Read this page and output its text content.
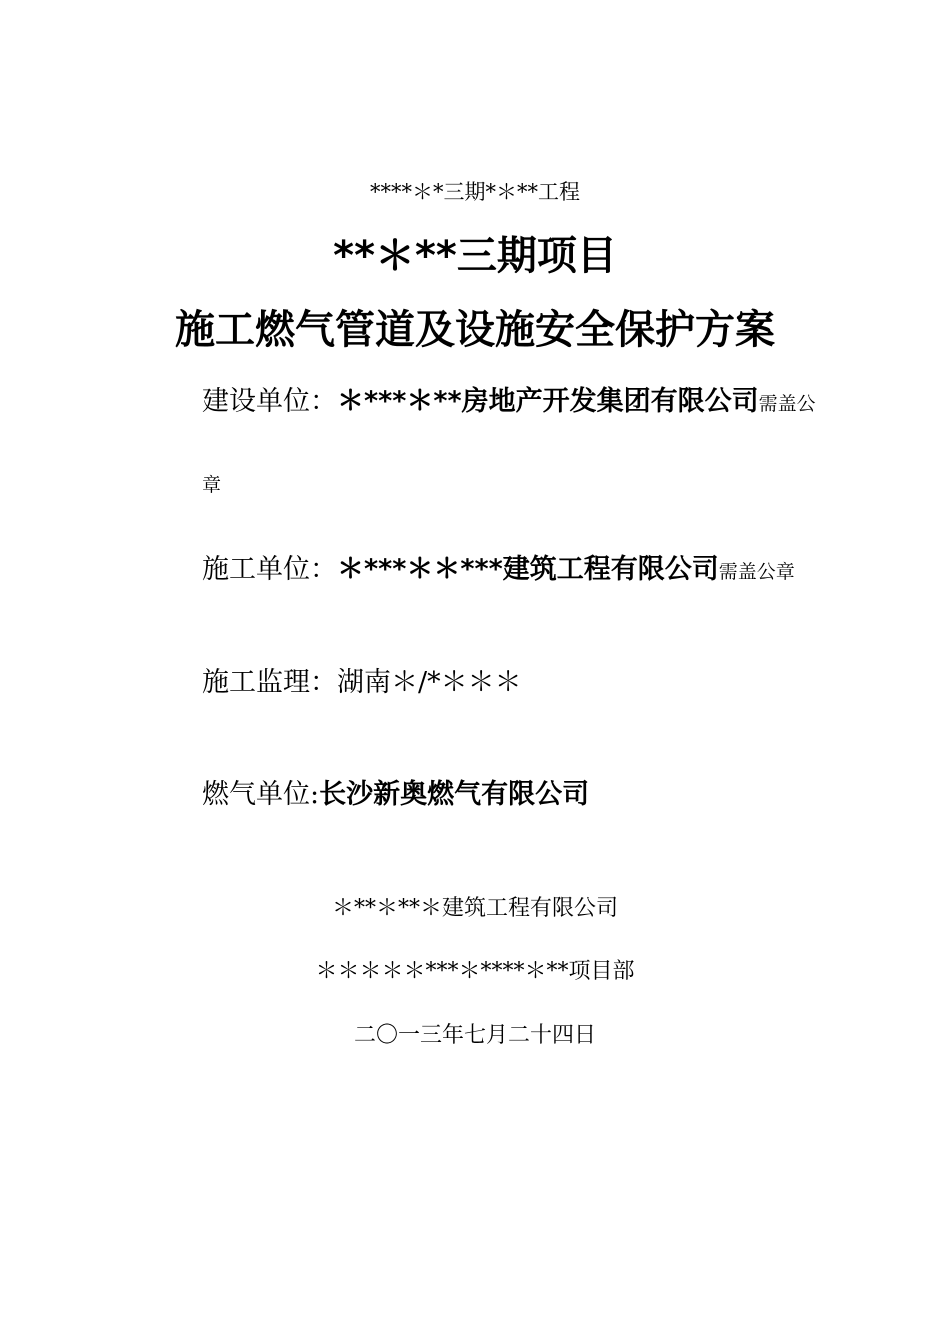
****＊*三期*＊**工程
**＊**三期项目
施工燃气管道及设施安全保护方案
建设单位：＊***＊**房地产开发集团有限公司需盖公
章
施工单位：＊***＊＊***建筑工程有限公司需盖公章
施工监理：湖南＊/*＊＊＊
燃气单位:长沙新奥燃气有限公司
＊**＊**＊建筑工程有限公司
＊＊＊＊＊***＊****＊**项目部
二〇一三年七月二十四日
